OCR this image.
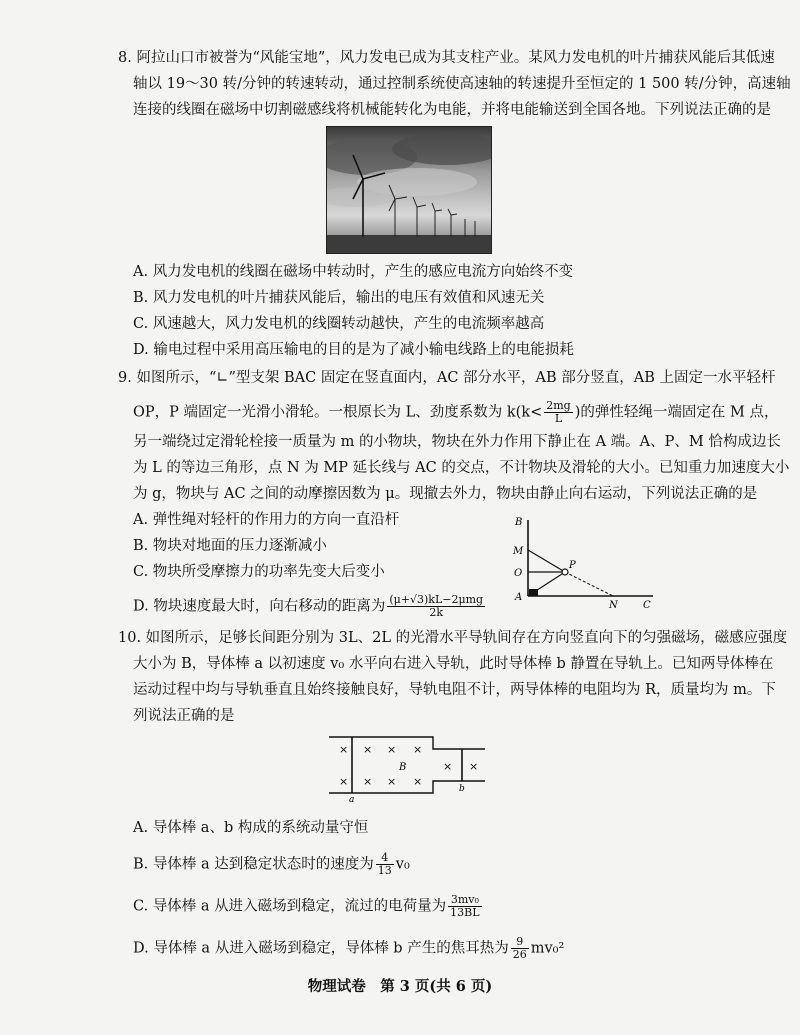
8. 阿拉山口市被誉为“风能宝地”，风力发电已成为其支柱产业。某风力发电机的叶片捕获风能后其低速
轴以 19～30 转/分钟的转速转动，通过控制系统使高速轴的转速提升至恒定的 1 500 转/分钟，高速轴
连接的线圈在磁场中切割磁感线将机械能转化为电能，并将电能输送到全国各地。下列说法正确的是
A. 风力发电机的线圈在磁场中转动时，产生的感应电流方向始终不变
B. 风力发电机的叶片捕获风能后，输出的电压有效值和风速无关
C. 风速越大，风力发电机的线圈转动越快，产生的电流频率越高
D. 输电过程中采用高压输电的目的是为了减小输电线路上的电能损耗
9. 如图所示，“∟”型支架 BAC 固定在竖直面内，AC 部分水平，AB 部分竖直，AB 上固定一水平轻杆
OP，P 端固定一光滑小滑轮。一根原长为 L、劲度系数为 $k(k< \frac{2mg}{L}$ )的弹性轻绳一端固定在 M 点，
另一端绕过定滑轮栓接一质量为 m 的小物块，物块在外力作用下静止在 A 端。A、P、M 恰构成边长
为 L 的等边三角形，点 N 为 MP 延长线与 AC 的交点，不计物块及滑轮的大小。已知重力加速度大小
为 g，物块与 AC 之间的动摩擦因数为 μ。现撤去外力，物块由静止向右运动，下列说法正确的是
A. 弹性绳对轻杆的作用力的方向一直沿杆
B. 物块对地面的压力逐渐减小
C. 物块所受摩擦力的功率先变大后变小
D. 物块速度最大时，向右移动的距离为 $\frac{\text{(μ+√3)kL−2μmg}}{2k}$
B
M
O
P
A
N	C
10. 如图所示，足够长间距分别为 3L、2L 的光滑水平导轨间存在方向竖直向下的匀强磁场，磁感应强度
大小为 B，导体棒 a 以初速度 v₀ 水平向右进入导轨，此时导体棒 b 静置在导轨上。已知两导体棒在
运动过程中均与导轨垂直且始终接触良好，导轨电阻不计，两导体棒的电阻均为 R，质量均为 m。下
列说法正确的是
× × × ×
× × × ×
× ×
B
a
b
A. 导体棒 a、b 构成的系统动量守恒
B. 导体棒 a 达到稳定状态时的速度为 $\frac{4}{13} v_0$
C. 导体棒 a 从进入磁场到稳定，流过的电荷量为 $\frac{\text{3mv₀}}{13BL}$
D. 导体棒 a 从进入磁场到稳定，导体棒 b 产生的焦耳热为 $\frac{9}{26} mv_0^2$
物理试卷　第 3 页(共 6 页)
